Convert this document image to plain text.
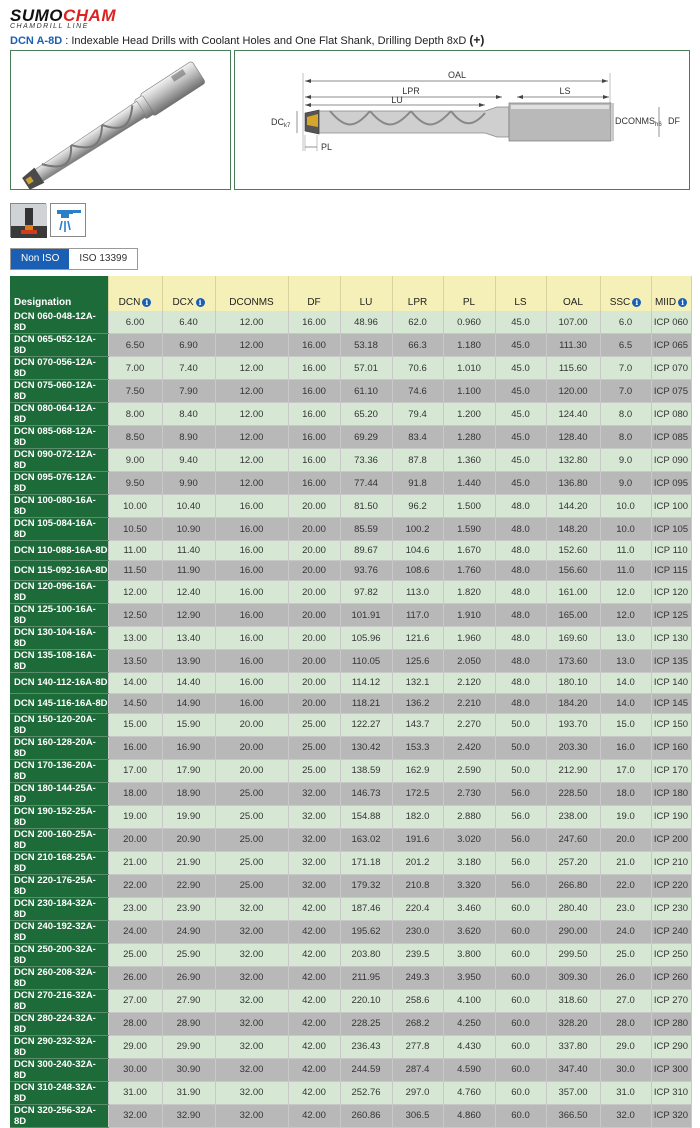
SUMOCHAM
CHAMDRILL LINE
DCN A-8D : Indexable Head Drills with Coolant Holes and One Flat Shank, Drilling Depth 8xD (+)
OAL
LPR
LU
LS
$DCONMS_{h6}$ DF
$DC_{k7}$
PL
Non ISO	ISO 13399
Designation	DCN i	DCX i	DCONMS	DF	LU	LPR	PL	LS	OAL	SSC i	MIID i
DCN 060-048-12A-8D	6.00	6.40	12.00	16.00	48.96	62.0	0.960	45.0	107.00	6.0	ICP 060
DCN 065-052-12A-8D	6.50	6.90	12.00	16.00	53.18	66.3	1.180	45.0	111.30	6.5	ICP 065
DCN 070-056-12A-8D	7.00	7.40	12.00	16.00	57.01	70.6	1.010	45.0	115.60	7.0	ICP 070
DCN 075-060-12A-8D	7.50	7.90	12.00	16.00	61.10	74.6	1.100	45.0	120.00	7.0	ICP 075
DCN 080-064-12A-8D	8.00	8.40	12.00	16.00	65.20	79.4	1.200	45.0	124.40	8.0	ICP 080
DCN 085-068-12A-8D	8.50	8.90	12.00	16.00	69.29	83.4	1.280	45.0	128.40	8.0	ICP 085
DCN 090-072-12A-8D	9.00	9.40	12.00	16.00	73.36	87.8	1.360	45.0	132.80	9.0	ICP 090
DCN 095-076-12A-8D	9.50	9.90	12.00	16.00	77.44	91.8	1.440	45.0	136.80	9.0	ICP 095
DCN 100-080-16A-8D	10.00	10.40	16.00	20.00	81.50	96.2	1.500	48.0	144.20	10.0	ICP 100
DCN 105-084-16A-8D	10.50	10.90	16.00	20.00	85.59	100.2	1.590	48.0	148.20	10.0	ICP 105
DCN 110-088-16A-8D	11.00	11.40	16.00	20.00	89.67	104.6	1.670	48.0	152.60	11.0	ICP 110
DCN 115-092-16A-8D	11.50	11.90	16.00	20.00	93.76	108.6	1.760	48.0	156.60	11.0	ICP 115
DCN 120-096-16A-8D	12.00	12.40	16.00	20.00	97.82	113.0	1.820	48.0	161.00	12.0	ICP 120
DCN 125-100-16A-8D	12.50	12.90	16.00	20.00	101.91	117.0	1.910	48.0	165.00	12.0	ICP 125
DCN 130-104-16A-8D	13.00	13.40	16.00	20.00	105.96	121.6	1.960	48.0	169.60	13.0	ICP 130
DCN 135-108-16A-8D	13.50	13.90	16.00	20.00	110.05	125.6	2.050	48.0	173.60	13.0	ICP 135
DCN 140-112-16A-8D	14.00	14.40	16.00	20.00	114.12	132.1	2.120	48.0	180.10	14.0	ICP 140
DCN 145-116-16A-8D	14.50	14.90	16.00	20.00	118.21	136.2	2.210	48.0	184.20	14.0	ICP 145
DCN 150-120-20A-8D	15.00	15.90	20.00	25.00	122.27	143.7	2.270	50.0	193.70	15.0	ICP 150
DCN 160-128-20A-8D	16.00	16.90	20.00	25.00	130.42	153.3	2.420	50.0	203.30	16.0	ICP 160
DCN 170-136-20A-8D	17.00	17.90	20.00	25.00	138.59	162.9	2.590	50.0	212.90	17.0	ICP 170
DCN 180-144-25A-8D	18.00	18.90	25.00	32.00	146.73	172.5	2.730	56.0	228.50	18.0	ICP 180
DCN 190-152-25A-8D	19.00	19.90	25.00	32.00	154.88	182.0	2.880	56.0	238.00	19.0	ICP 190
DCN 200-160-25A-8D	20.00	20.90	25.00	32.00	163.02	191.6	3.020	56.0	247.60	20.0	ICP 200
DCN 210-168-25A-8D	21.00	21.90	25.00	32.00	171.18	201.2	3.180	56.0	257.20	21.0	ICP 210
DCN 220-176-25A-8D	22.00	22.90	25.00	32.00	179.32	210.8	3.320	56.0	266.80	22.0	ICP 220
DCN 230-184-32A-8D	23.00	23.90	32.00	42.00	187.46	220.4	3.460	60.0	280.40	23.0	ICP 230
DCN 240-192-32A-8D	24.00	24.90	32.00	42.00	195.62	230.0	3.620	60.0	290.00	24.0	ICP 240
DCN 250-200-32A-8D	25.00	25.90	32.00	42.00	203.80	239.5	3.800	60.0	299.50	25.0	ICP 250
DCN 260-208-32A-8D	26.00	26.90	32.00	42.00	211.95	249.3	3.950	60.0	309.30	26.0	ICP 260
DCN 270-216-32A-8D	27.00	27.90	32.00	42.00	220.10	258.6	4.100	60.0	318.60	27.0	ICP 270
DCN 280-224-32A-8D	28.00	28.90	32.00	42.00	228.25	268.2	4.250	60.0	328.20	28.0	ICP 280
DCN 290-232-32A-8D	29.00	29.90	32.00	42.00	236.43	277.8	4.430	60.0	337.80	29.0	ICP 290
DCN 300-240-32A-8D	30.00	30.90	32.00	42.00	244.59	287.4	4.590	60.0	347.40	30.0	ICP 300
DCN 310-248-32A-8D	31.00	31.90	32.00	42.00	252.76	297.0	4.760	60.0	357.00	31.0	ICP 310
DCN 320-256-32A-8D	32.00	32.90	32.00	42.00	260.86	306.5	4.860	60.0	366.50	32.0	ICP 320
